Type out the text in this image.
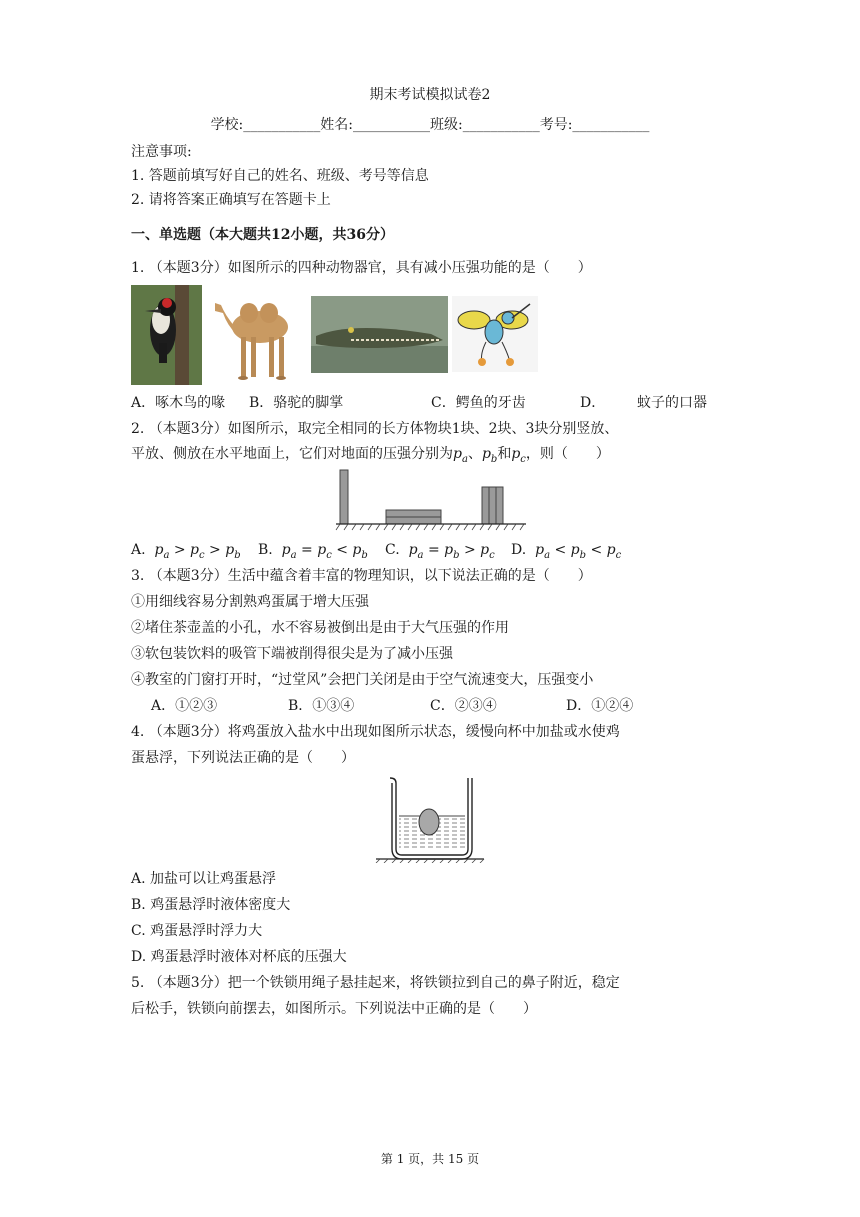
期末考试模拟试卷2
学校:___________姓名:___________班级:___________考号:___________
注意事项:
1. 答题前填写好自己的姓名、班级、考号等信息
2. 请将答案正确填写在答题卡上
一、单选题（本大题共12小题，共36分）
1. （本题3分）如图所示的四种动物器官，具有减小压强功能的是（　　）
A．啄木鸟的喙 B．骆驼的脚掌	C．鳄鱼的牙齿	D． 蚊子的口器
2. （本题3分）如图所示，取完全相同的长方体物块1块、2块、3块分别竖放、
平放、侧放在水平地面上，它们对地面的压强分别为$p_a$、$p_b$和$p_c$，则（　　）
A. $p_a > p_c > p_b$ B. $p_a = p_c < p_b$ C. $p_a = p_b > p_c$ D. $p_a < p_b < p_c$
3. （本题3分）生活中蕴含着丰富的物理知识，以下说法正确的是（　　）
①用细线容易分割熟鸡蛋属于增大压强
②堵住茶壶盖的小孔，水不容易被倒出是由于大气压强的作用
③软包装饮料的吸管下端被削得很尖是为了减小压强
④教室的门窗打开时，“过堂风”会把门关闭是由于空气流速变大，压强变小
A．①②③	B．①③④	C．②③④	D．①②④
4. （本题3分）将鸡蛋放入盐水中出现如图所示状态，缓慢向杯中加盐或水使鸡
蛋悬浮，下列说法正确的是（　　）
A. 加盐可以让鸡蛋悬浮
B. 鸡蛋悬浮时液体密度大
C. 鸡蛋悬浮时浮力大
D. 鸡蛋悬浮时液体对杯底的压强大
5. （本题3分）把一个铁锁用绳子悬挂起来，将铁锁拉到自己的鼻子附近，稳定
后松手，铁锁向前摆去，如图所示。下列说法中正确的是（　　）
第 1 页，共 15 页
